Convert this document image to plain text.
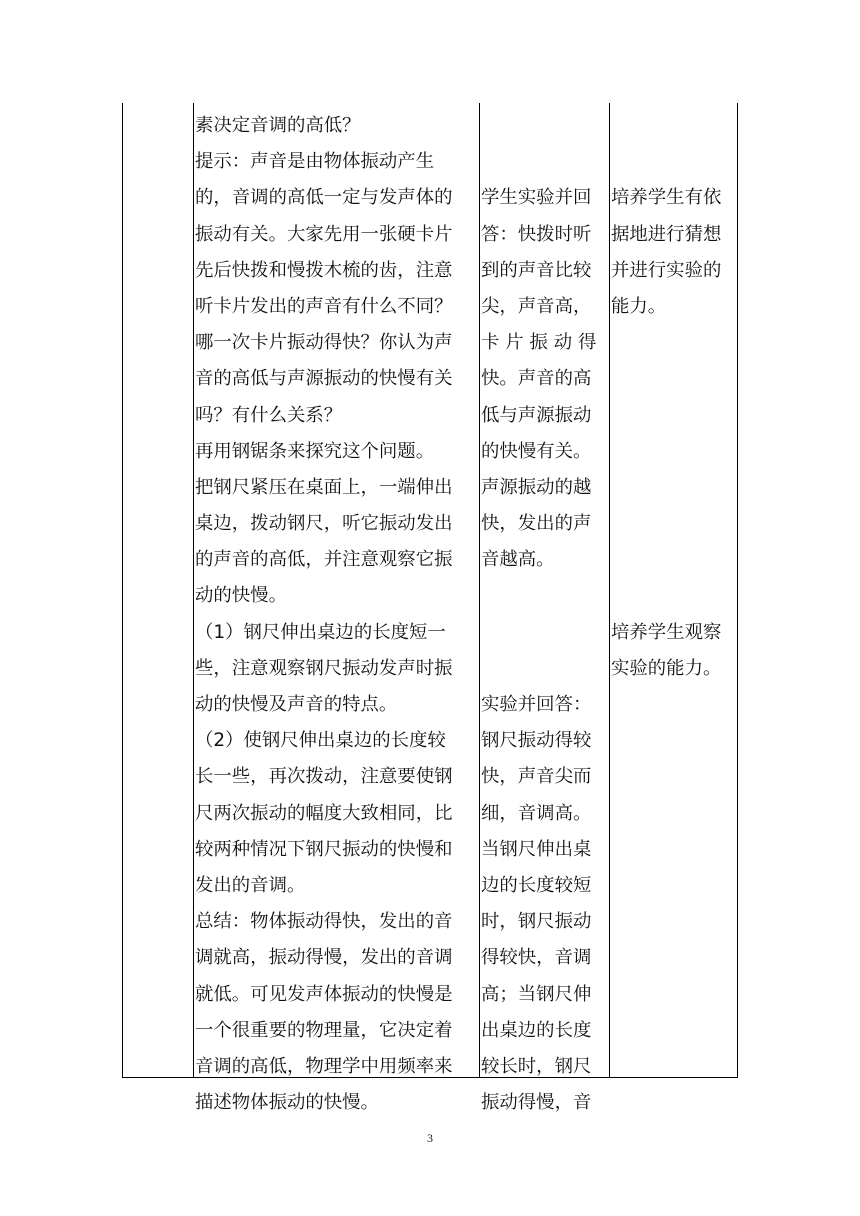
素决定音调的高低？
提示：声音是由物体振动产生
的，音调的高低一定与发声体的
振动有关。大家先用一张硬卡片
先后快拨和慢拨木梳的齿，注意
听卡片发出的声音有什么不同？
哪一次卡片振动得快？你认为声
音的高低与声源振动的快慢有关
吗？有什么关系？
再用钢锯条来探究这个问题。
把钢尺紧压在桌面上，一端伸出
桌边，拨动钢尺，听它振动发出
的声音的高低，并注意观察它振
动的快慢。
（1）钢尺伸出桌边的长度短一
些，注意观察钢尺振动发声时振
动的快慢及声音的特点。
（2）使钢尺伸出桌边的长度较
长一些，再次拨动，注意要使钢
尺两次振动的幅度大致相同，比
较两种情况下钢尺振动的快慢和
发出的音调。
总结：物体振动得快，发出的音
调就高，振动得慢，发出的音调
就低。可见发声体振动的快慢是
一个很重要的物理量，它决定着
音调的高低，物理学中用频率来
描述物体振动的快慢。
学生实验并回
答：快拨时听
到的声音比较
尖，声音高，
卡 片 振 动 得
快。声音的高
低与声源振动
的快慢有关。
声源振动的越
快，发出的声
音越高。
实验并回答：
钢尺振动得较
快，声音尖而
细，音调高。
当钢尺伸出桌
边的长度较短
时，钢尺振动
得较快，音调
高；当钢尺伸
出桌边的长度
较长时，钢尺
振动得慢，音
培养学生有依
据地进行猜想
并进行实验的
能力。
培养学生观察
实验的能力。
3
